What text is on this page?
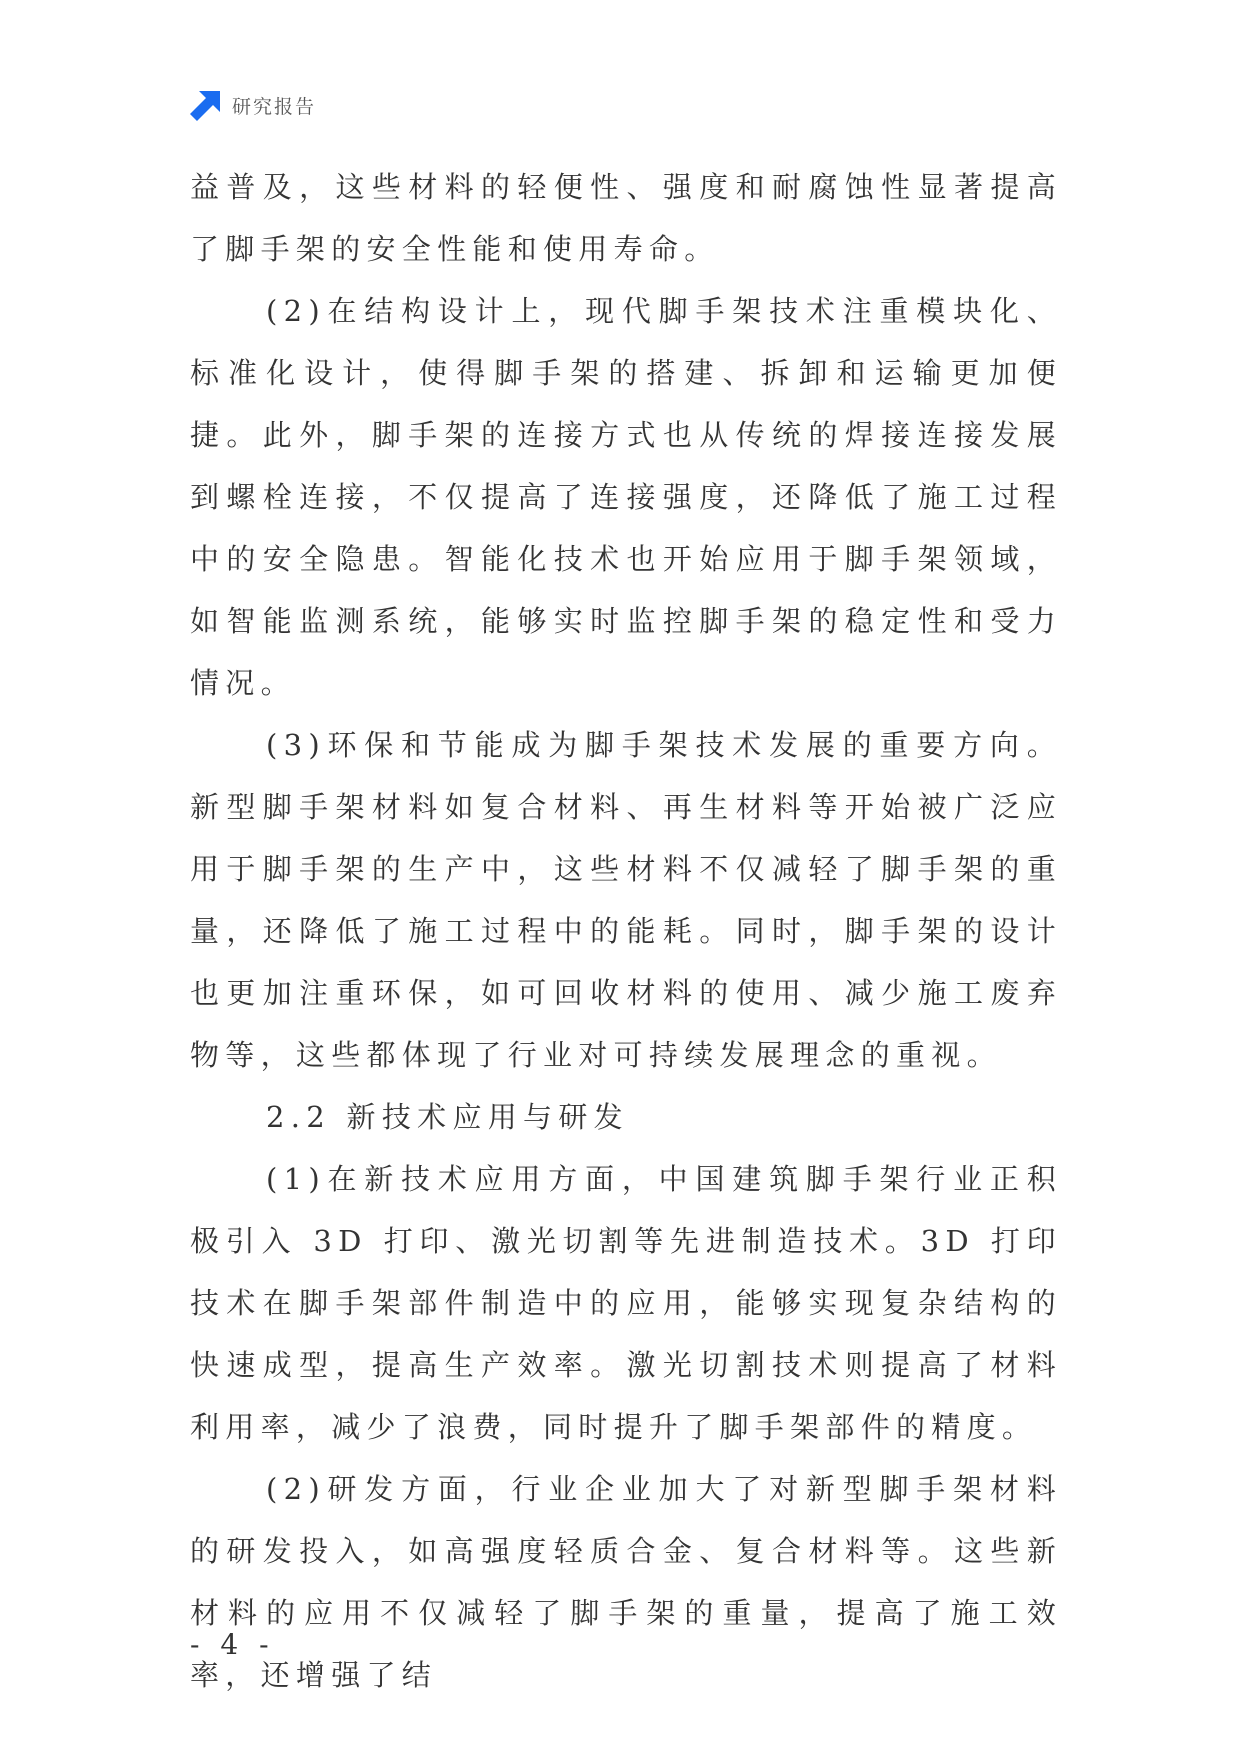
研究报告

益普及，这些材料的轻便性、强度和耐腐蚀性显著提高了脚手架的安全性能和使用寿命。

(2)在结构设计上，现代脚手架技术注重模块化、标准化设计，使得脚手架的搭建、拆卸和运输更加便捷。此外，脚手架的连接方式也从传统的焊接连接发展到螺栓连接，不仅提高了连接强度，还降低了施工过程中的安全隐患。智能化技术也开始应用于脚手架领域，如智能监测系统，能够实时监控脚手架的稳定性和受力情况。

(3)环保和节能成为脚手架技术发展的重要方向。新型脚手架材料如复合材料、再生材料等开始被广泛应用于脚手架的生产中，这些材料不仅减轻了脚手架的重量，还降低了施工过程中的能耗。同时，脚手架的设计也更加注重环保，如可回收材料的使用、减少施工废弃物等，这些都体现了行业对可持续发展理念的重视。

2.2 新技术应用与研发

(1)在新技术应用方面，中国建筑脚手架行业正积极引入 3D 打印、激光切割等先进制造技术。3D 打印技术在脚手架部件制造中的应用，能够实现复杂结构的快速成型，提高生产效率。激光切割技术则提高了材料利用率，减少了浪费，同时提升了脚手架部件的精度。

(2)研发方面，行业企业加大了对新型脚手架材料的研发投入，如高强度轻质合金、复合材料等。这些新材料的应用不仅减轻了脚手架的重量，提高了施工效率，还增强了结

- 4 -
